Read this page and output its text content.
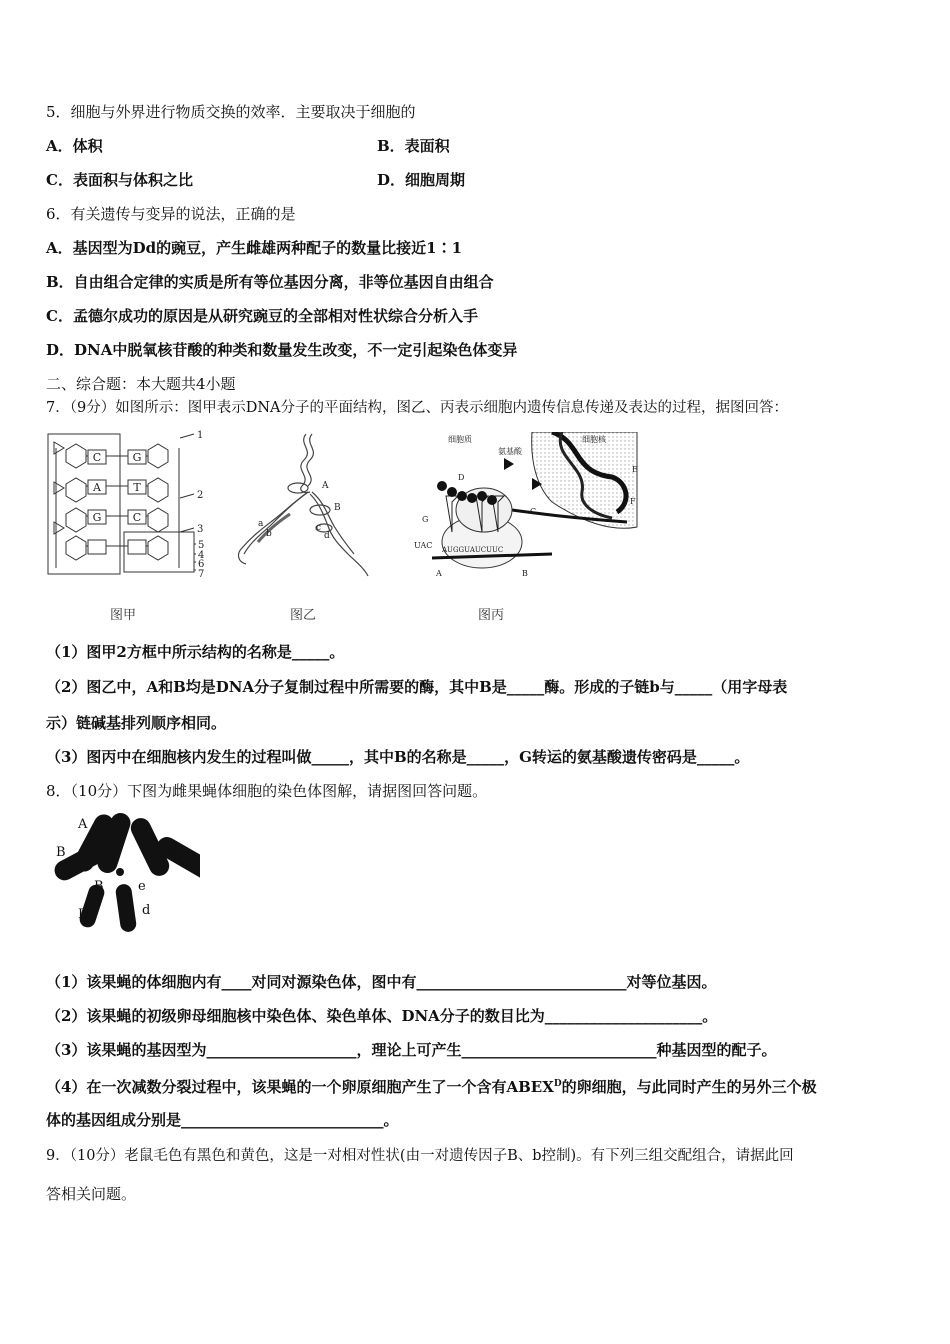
5．细胞与外界进行物质交换的效率．主要取决于细胞的
A．体积	B．表面积
C．表面积与体积之比	D．细胞周期
6．有关遗传与变异的说法，正确的是
A．基因型为Dd的豌豆，产生雌雄两种配子的数量比接近1∶1
B．自由组合定律的实质是所有等位基因分离，非等位基因自由组合
C．孟德尔成功的原因是从研究豌豆的全部相对性状综合分析入手
D．DNA中脱氧核苷酸的种类和数量发生改变，不一定引起染色体变异
二、综合题：本大题共4小题
7．（9分）如图所示：图甲表示DNA分子的平面结构，图乙、丙表示细胞内遗传信息传递及表达的过程，据图回答：
C
A
G
G
T
C
1
2
3
5
4
6
7
图甲
A
B
a
b
c
d
图乙
细胞质	细胞核
氨基酸
D
G
C
E
F
UAC AUGGUAUCUUC
A	B
图丙
（1）图甲2方框中所示结构的名称是_____。
（2）图乙中，A和B均是DNA分子复制过程中所需要的酶，其中B是_____酶。形成的子链b与_____（用字母表
示）链碱基排列顺序相同。
（3）图丙中在细胞核内发生的过程叫做_____，其中B的名称是_____，G转运的氨基酸遗传密码是_____。
8．（10分）下图为雌果蝇体细胞的染色体图解，请据图回答问题。
A
a
B	E
B	e
D	d
（1）该果蝇的体细胞内有____对同对源染色体，图中有____________________________对等位基因。
（2）该果蝇的初级卵母细胞核中染色体、染色单体、DNA分子的数目比为_____________________。
（3）该果蝇的基因型为____________________，理论上可产生__________________________种基因型的配子。
（4）在一次减数分裂过程中，该果蝇的一个卵原细胞产生了一个含有$ABEX^D$的卵细胞，与此同时产生的另外三个极
体的基因组成分别是___________________________。
9．（10分）老鼠毛色有黑色和黄色，这是一对相对性状(由一对遗传因子B、b控制)。有下列三组交配组合，请据此回
答相关问题。
